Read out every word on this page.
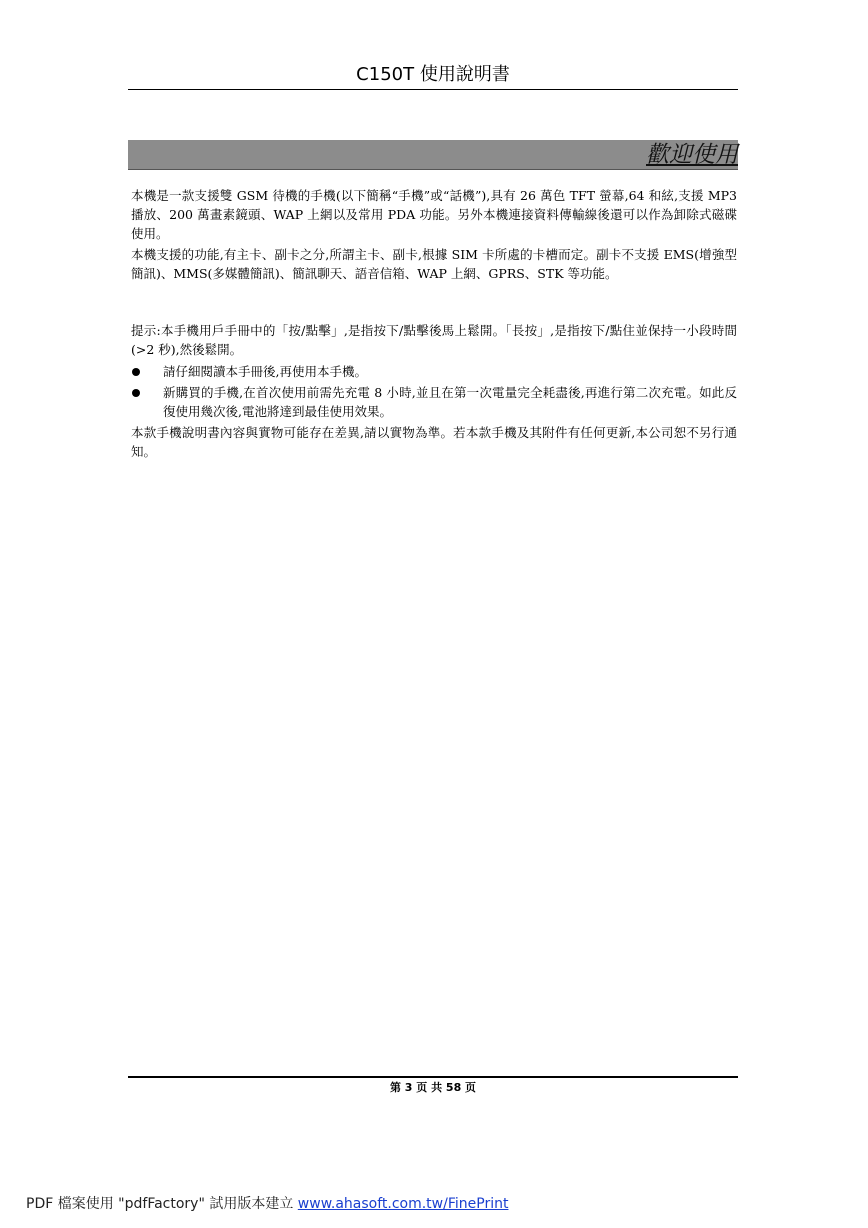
C150T 使用說明書
歡迎使用

本機是一款支援雙 GSM 待機的手機(以下簡稱“手機”或“話機”),具有 26 萬色 TFT 螢幕,64 和絃,支援 MP3 播放、200 萬畫素鏡頭、WAP 上網以及常用 PDA 功能。另外本機連接資料傳輸線後還可以作為卸除式磁碟使用。

本機支援的功能,有主卡、副卡之分,所謂主卡、副卡,根據 SIM 卡所處的卡槽而定。副卡不支援 EMS(增強型簡訊)、MMS(多媒體簡訊)、簡訊聊天、語音信箱、WAP 上網、GPRS、STK 等功能。

提示:本手機用戶手冊中的「按/點擊」,是指按下/點擊後馬上鬆開。「長按」,是指按下/點住並保持一小段時間(>2 秒),然後鬆開。

請仔細閱讀本手冊後,再使用本手機。
新購買的手機,在首次使用前需先充電 8 小時,並且在第一次電量完全耗盡後,再進行第二次充電。如此反復使用幾次後,電池將達到最佳使用效果。

本款手機說明書內容與實物可能存在差異,請以實物為準。若本款手機及其附件有任何更新,本公司恕不另行通知。

第 3 页 共 58 页
PDF 檔案使用 "pdfFactory" 試用版本建立 www.ahasoft.com.tw/FinePrint
